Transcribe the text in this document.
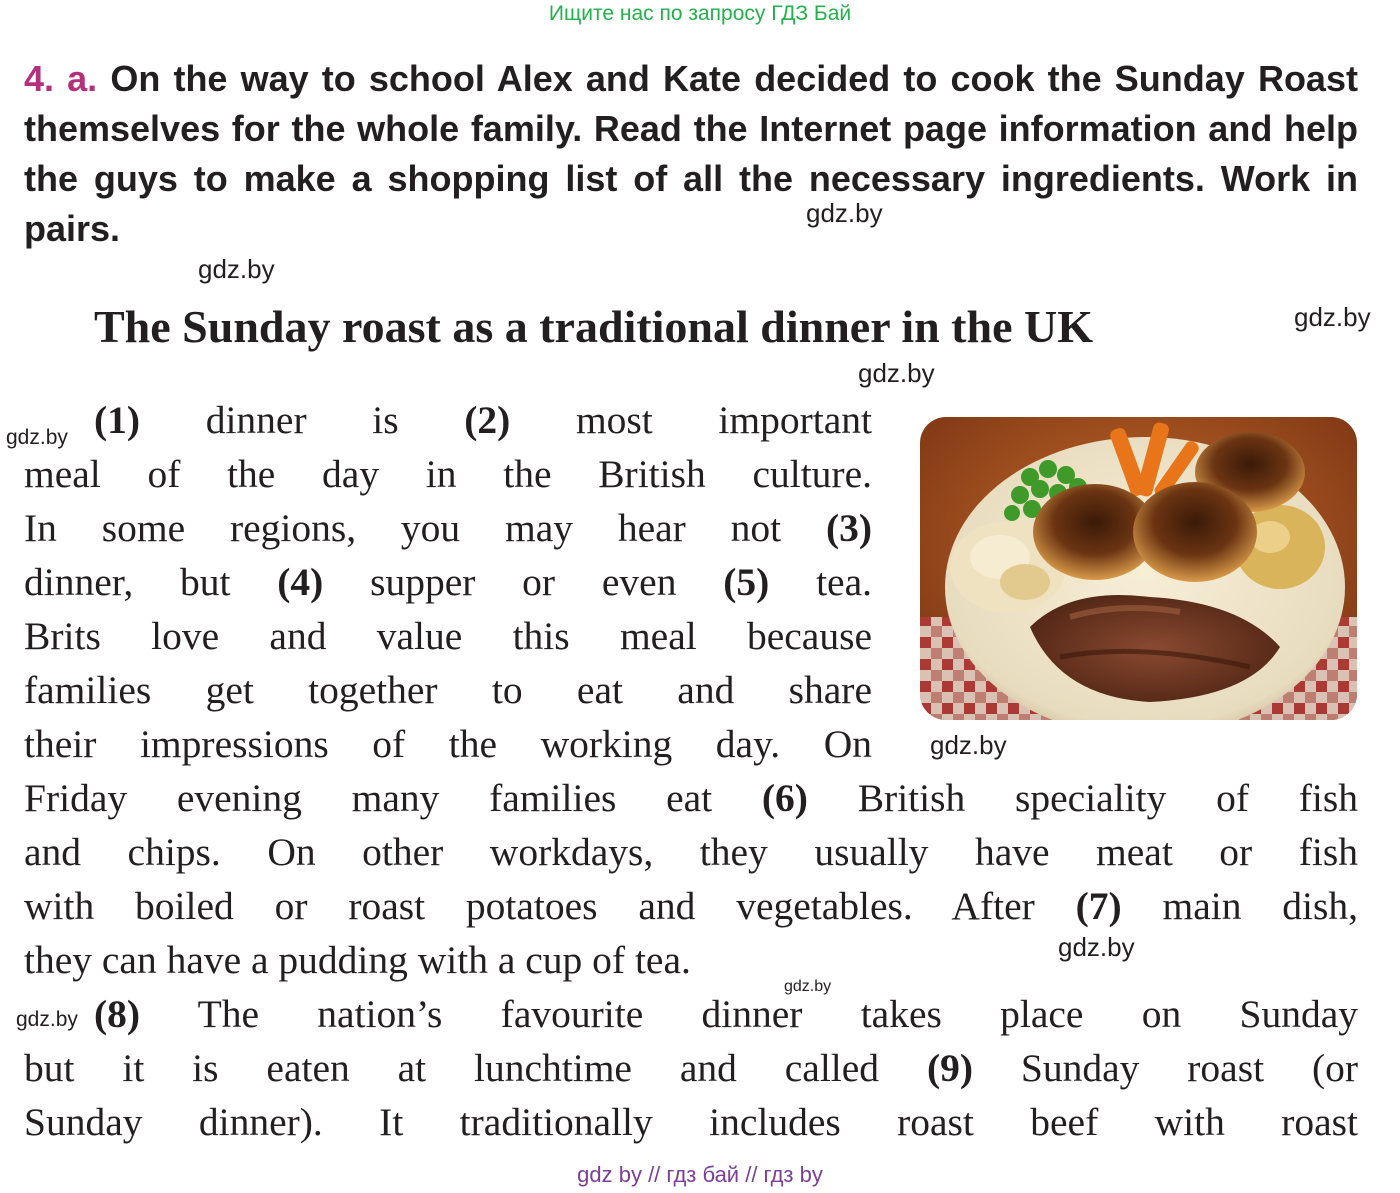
Ищите нас по запросу ГДЗ Бай
4. a. On the way to school Alex and Kate decided to cook the Sunday Roast themselves for the whole family. Read the Internet page information and help the guys to make a shopping list of all the necessary ingredients. Work in pairs.	gdz.by
gdz.by
gdz.by
gdz.by
gdz.by
gdz.by
gdz.by
gdz.by
gdz.by
The Sunday roast as a traditional dinner in the UK
(1) dinner is (2) most important
meal of the day in the British culture.
In some regions, you may hear not (3)
dinner, but (4) supper or even (5) tea.
Brits love and value this meal because
families get together to eat and share
their impressions of the working day. On
Friday evening many families eat (6) British speciality of fish
and chips. On other workdays, they usually have meat or fish
with boiled or roast potatoes and vegetables. After (7) main dish,
they can have a pudding with a cup of tea.
(8) The nation’s favourite dinner takes place on Sunday
but it is eaten at lunchtime and called (9) Sunday roast (or
Sunday dinner). It traditionally includes roast beef with roast
gdz by // гдз бай // гдз by
